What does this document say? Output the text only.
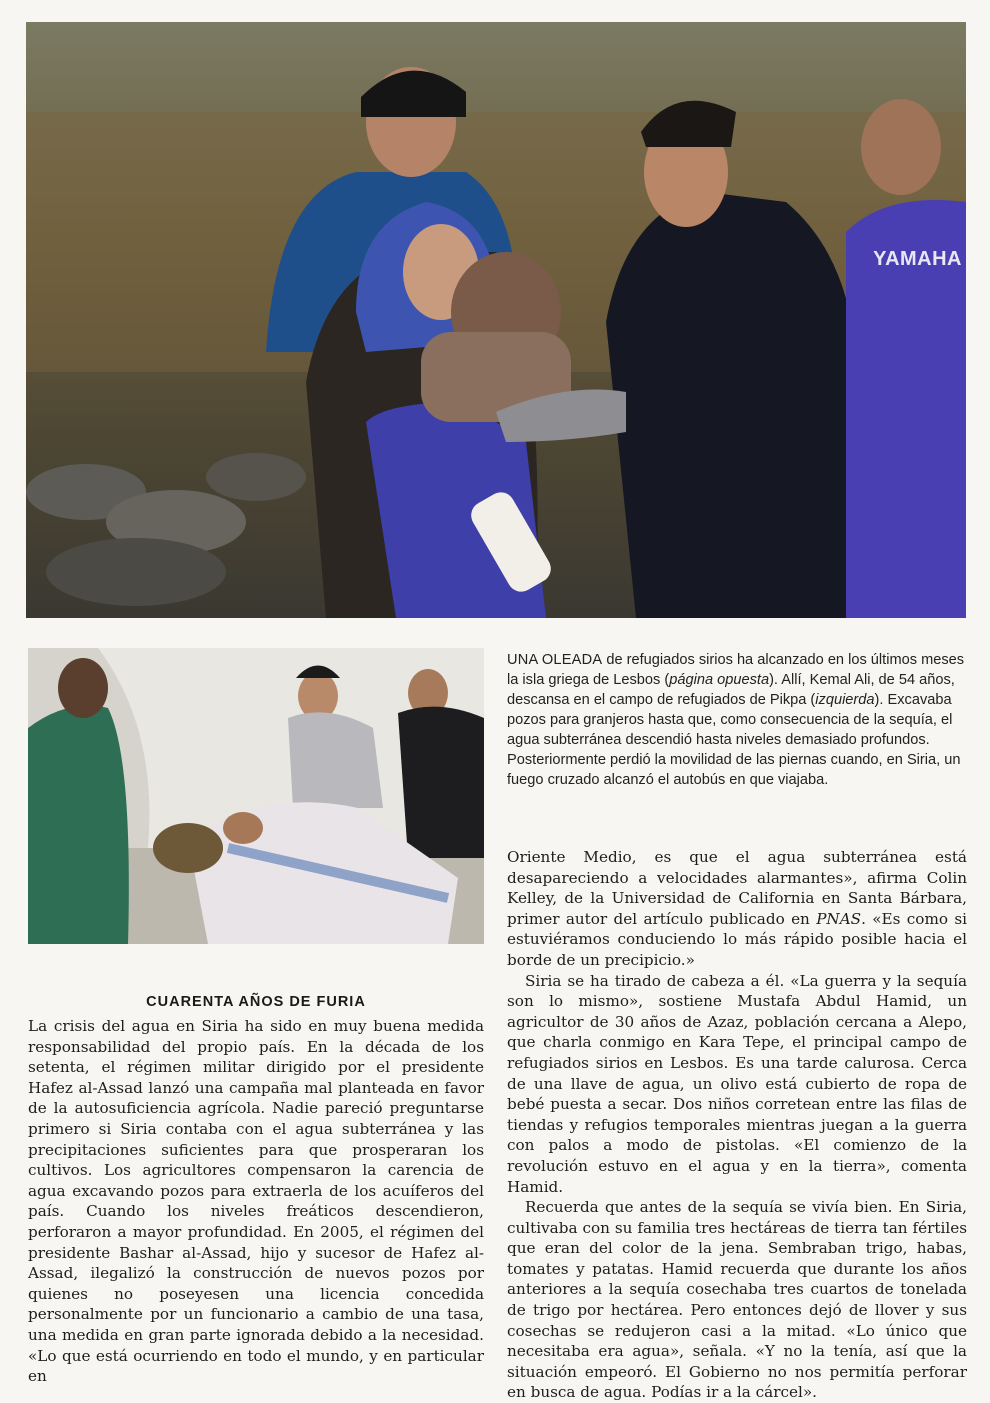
YAMAHA
UNA OLEADA de refugiados sirios ha alcanzado en los últimos meses la isla griega de Lesbos (página opuesta). Allí, Kemal Ali, de 54 años, descansa en el campo de refugiados de Pikpa (izquierda). Excavaba pozos para granjeros hasta que, como consecuencia de la sequía, el agua subterránea descendió hasta niveles demasiado profundos. Posteriormente perdió la movilidad de las piernas cuando, en Siria, un fuego cruzado alcanzó el autobús en que viajaba.
CUARENTA AÑOS DE FURIA

La crisis del agua en Siria ha sido en muy buena medida responsabilidad del propio país. En la década de los setenta, el régimen militar dirigido por el presidente Hafez al-Assad lanzó una campaña mal planteada en favor de la autosuficiencia agrícola. Nadie pareció preguntarse primero si Siria contaba con el agua subterránea y las precipitaciones suficientes para que prosperaran los cultivos. Los agricultores compensaron la carencia de agua excavando pozos para extraerla de los acuíferos del país. Cuando los niveles freáticos descendieron, perforaron a mayor profundidad. En 2005, el régimen del presidente Bashar al-Assad, hijo y sucesor de Hafez al-Assad, ilegalizó la construcción de nuevos pozos por quienes no poseyesen una licencia concedida personalmente por un funcionario a cambio de una tasa, una medida en gran parte ignorada debido a la necesidad. «Lo que está ocurriendo en todo el mundo, y en particular en

Oriente Medio, es que el agua subterránea está desapareciendo a velocidades alarmantes», afirma Colin Kelley, de la Universidad de California en Santa Bárbara, primer autor del artículo publicado en PNAS. «Es como si estuviéramos conduciendo lo más rápido posible hacia el borde de un precipicio.»

Siria se ha tirado de cabeza a él. «La guerra y la sequía son lo mismo», sostiene Mustafa Abdul Hamid, un agricultor de 30 años de Azaz, población cercana a Alepo, que charla conmigo en Kara Tepe, el principal campo de refugiados sirios en Lesbos. Es una tarde calurosa. Cerca de una llave de agua, un olivo está cubierto de ropa de bebé puesta a secar. Dos niños corretean entre las filas de tiendas y refugios temporales mientras juegan a la guerra con palos a modo de pistolas. «El comienzo de la revolución estuvo en el agua y en la tierra», comenta Hamid.

Recuerda que antes de la sequía se vivía bien. En Siria, cultivaba con su familia tres hectáreas de tierra tan fértiles que eran del color de la jena. Sembraban trigo, habas, tomates y patatas. Hamid recuerda que durante los años anteriores a la sequía cosechaba tres cuartos de tonelada de trigo por hectárea. Pero entonces dejó de llover y sus cosechas se redujeron casi a la mitad. «Lo único que necesitaba era agua», señala. «Y no la tenía, así que la situación empeoró. El Gobierno no nos permitía perforar en busca de agua. Podías ir a la cárcel».
